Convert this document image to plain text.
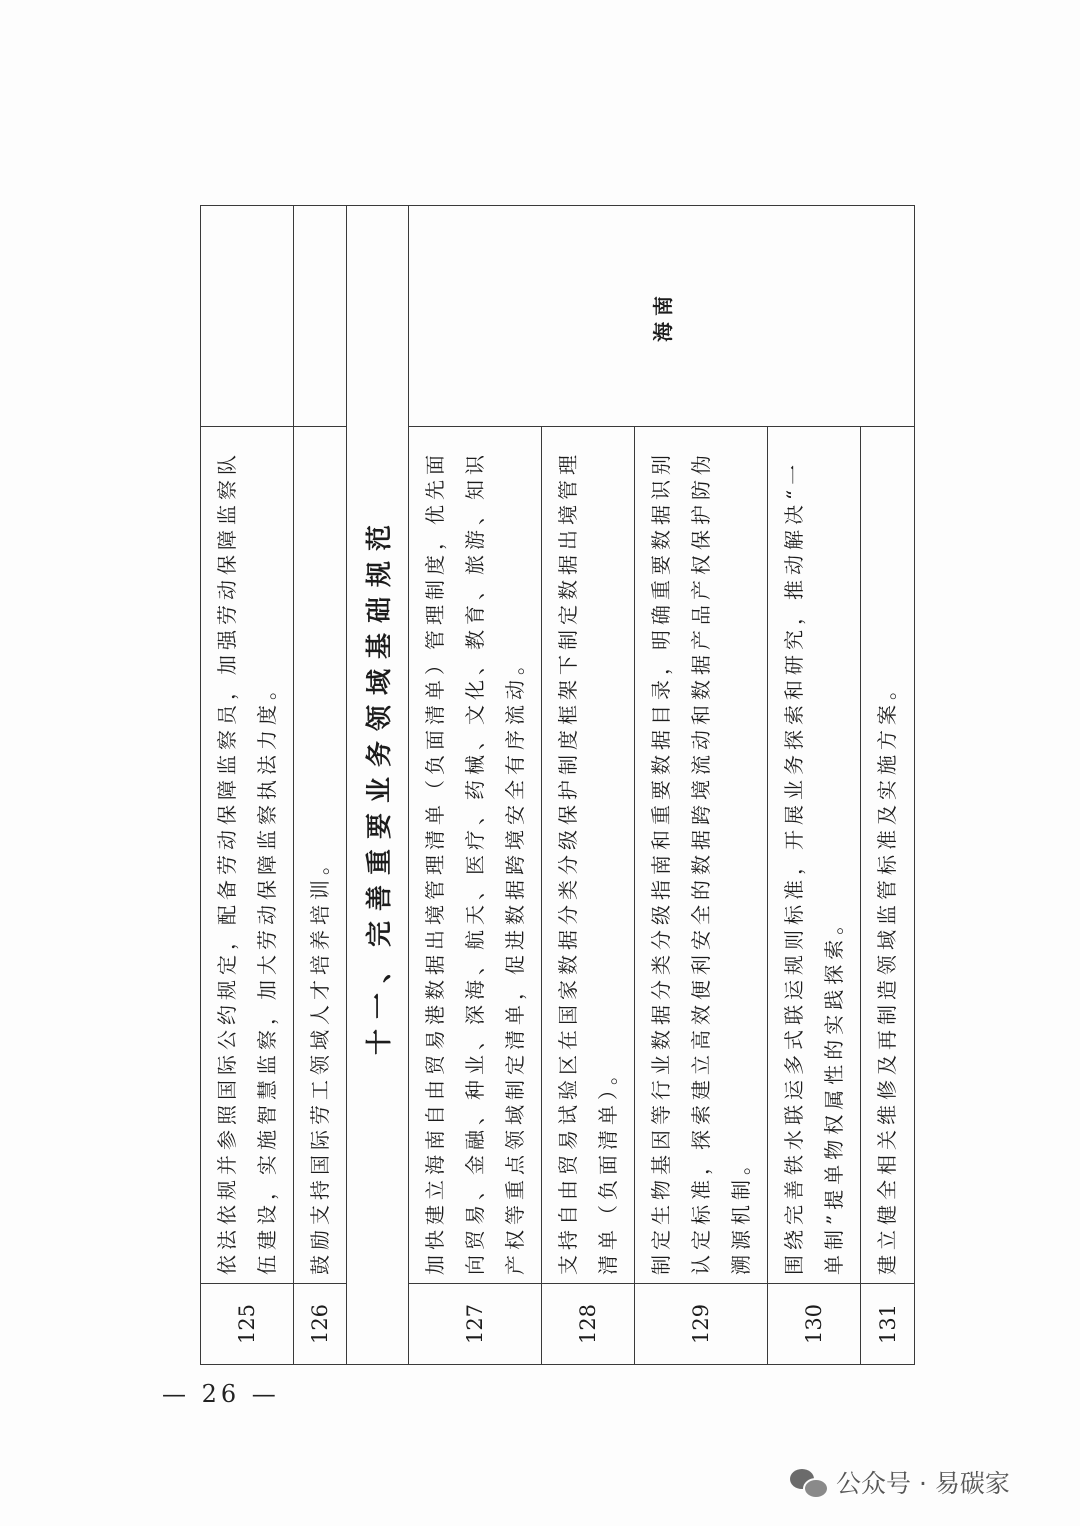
125	依法依规并参照国际公约规定，配备劳动保障监察员，加强劳动保障监察队伍建设，实施智慧监察，加大劳动保障监察执法力度。	
126	鼓励支持国际劳工领域人才培养培训。	
十一、完善重要业务领域基础规范		
127	加快建立海南自由贸易港数据出境管理清单（负面清单）管理制度，优先面向贸易、金融、种业、深海、航天、医疗、药械、文化、教育、旅游、知识产权等重点领域制定清单，促进数据跨境安全有序流动。	海南
128	支持自由贸易试验区在国家数据分类分级保护制度框架下制定数据出境管理清单（负面清单）。	
129	制定生物基因等行业数据分类分级指南和重要数据目录，明确重要数据识别认定标准，探索建立高效便利安全的数据跨境流动和数据产品产权保护防伪溯源机制。	
130	围绕完善铁水联运多式联运规则标准，开展业务探索和研究，推动解决“一单制”提单物权属性的实践探索。	
131	建立健全相关维修及再制造领域监管标准及实施方案。	
— 26 —
公众号 · 易碳家
